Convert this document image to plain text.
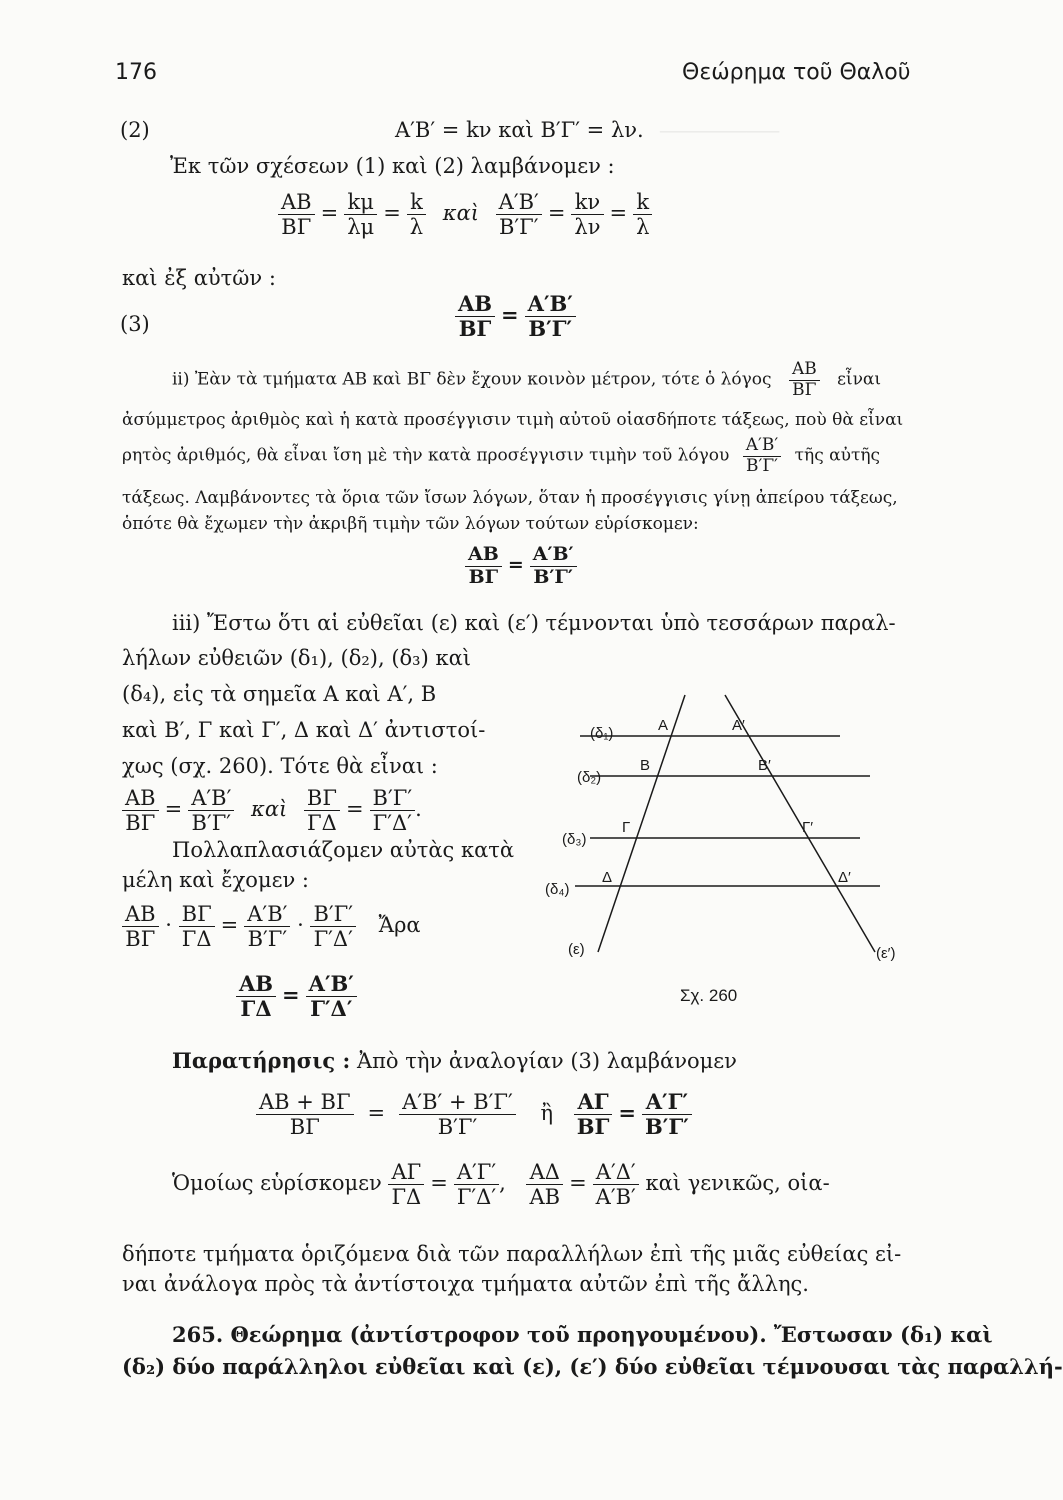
───────────
176	Θεώρημα τοῦ Θαλοῦ
(2)	Α′Β′ = kν καὶ Β′Γ′ = λν.
Ἐκ τῶν σχέσεων (1) καὶ (2) λαμβάνομεν :
$\frac{AB}{B\Gamma} = \frac{k\mu}{\lambda\mu} = \frac{k}{\lambda}$ καὶ $\frac{A'B'}{B'\Gamma'} = \frac{k\nu}{\lambda\nu} = \frac{k}{\lambda}$
καὶ ἐξ αὐτῶν :
(3)	$\frac{AB}{B\Gamma} = \frac{A'B'}{B'\Gamma'}$
ii) Ἐὰν τὰ τμήματα ΑΒ καὶ ΒΓ δὲν ἔχουν κοινὸν μέτρον, τότε ὁ λόγος $\frac{AB}{B\Gamma}$ εἶναι
ἀσύμμετρος ἀριθμὸς καὶ ἡ κατὰ προσέγγισιν τιμὴ αὐτοῦ οἱασδήποτε τάξεως, ποὺ θὰ εἶναι
ρητὸς ἀριθμός, θὰ εἶναι ἴση μὲ τὴν κατὰ προσέγγισιν τιμὴν τοῦ λόγου $\frac{A'B'}{B'\Gamma'}$ τῆς αὐτῆς
τάξεως. Λαμβάνοντες τὰ ὅρια τῶν ἴσων λόγων, ὅταν ἡ προσέγγισις γίνῃ ἀπείρου τάξεως,
ὁπότε θὰ ἔχωμεν τὴν ἀκριβῆ τιμὴν τῶν λόγων τούτων εὑρίσκομεν:
$\frac{AB}{B\Gamma} = \frac{A'B'}{B'\Gamma'}$
iii) Ἔστω ὅτι αἱ εὐθεῖαι (ε) καὶ (ε′) τέμνονται ὑπὸ τεσσάρων παραλ-
λήλων εὐθειῶν (δ₁), (δ₂), (δ₃) καὶ
(δ₄), εἰς τὰ σημεῖα Α καὶ Α′, Β
καὶ Β′, Γ καὶ Γ′, Δ καὶ Δ′ ἀντιστοί-
χως (σχ. 260). Τότε θὰ εἶναι :
$\frac{AB}{B\Gamma} = \frac{A'B'}{B'\Gamma'}$ καὶ $\frac{B\Gamma}{\Gamma\Delta} = \frac{B'\Gamma'}{\Gamma'\Delta'}$ .
Πολλαπλασιάζομεν αὐτὰς κατὰ
μέλη καὶ ἔχομεν :
$\frac{AB}{B\Gamma} \cdot \frac{B\Gamma}{\Gamma\Delta} = \frac{A'B'}{B'\Gamma'} \cdot \frac{B'\Gamma'}{\Gamma'\Delta'}$ Ἄρα
$\frac{AB}{\Gamma\Delta} = \frac{A'B'}{\Gamma'\Delta'}$
(δ₁)
(δ₂)
(δ₃)
(δ₄)
(ε)	(ε′)
Α	Α′
Β	Β′
Γ	Γ′
Δ	Δ′
Σχ. 260
Παρατήρησις : Ἀπὸ τὴν ἀναλογίαν (3) λαμβάνομεν
$\frac{AB + B\Gamma}{B\Gamma} = \frac{A'B' + B'\Gamma'}{B'\Gamma'}$ ἢ $\frac{A\Gamma}{B\Gamma} = \frac{A'\Gamma'}{B'\Gamma'}$
Ὁμοίως εὑρίσκομεν $\frac{A\Gamma}{\Gamma\Delta} = \frac{A'\Gamma'}{\Gamma'\Delta'}$ , $\frac{A\Delta}{AB} = \frac{A'\Delta'}{A'B'}$ καὶ γενικῶς, οἱα-
δήποτε τμήματα ὁριζόμενα διὰ τῶν παραλλήλων ἐπὶ τῆς μιᾶς εὐθείας εἰ-
ναι ἀνάλογα πρὸς τὰ ἀντίστοιχα τμήματα αὐτῶν ἐπὶ τῆς ἄλλης.
265. Θεώρημα (ἀντίστροφον τοῦ προηγουμένου). Ἔστωσαν (δ₁) καὶ
(δ₂) δύο παράλληλοι εὐθεῖαι καὶ (ε), (ε′) δύο εὐθεῖαι τέμνουσαι τὰς παραλλή-
